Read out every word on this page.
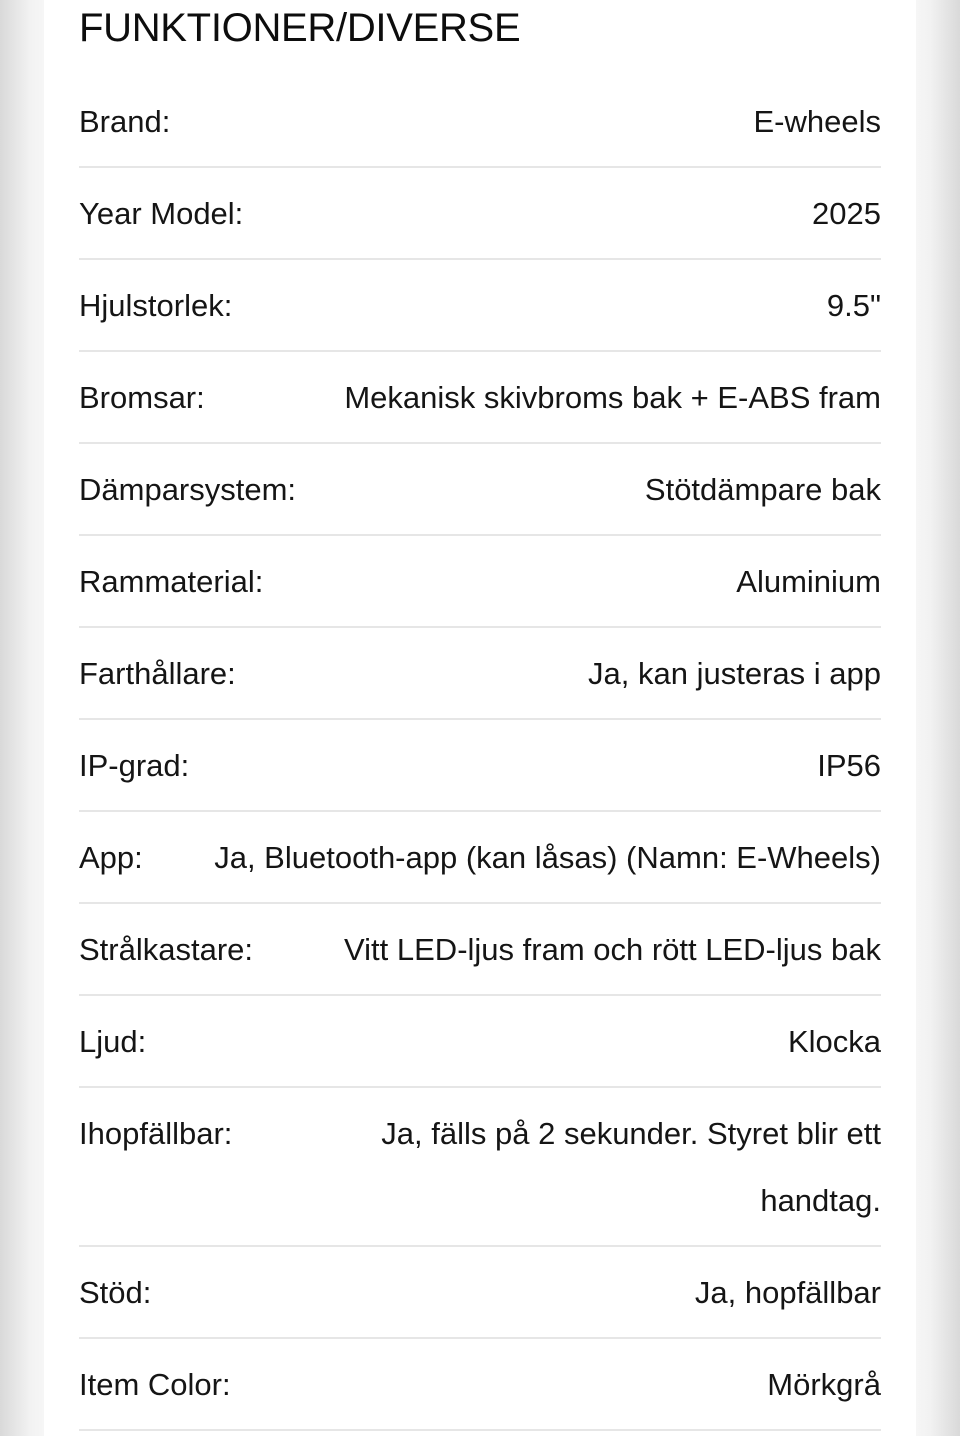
FUNKTIONER/DIVERSE
Brand:	E-wheels
Year Model:	2025
Hjulstorlek:	9.5"
Bromsar:	Mekanisk skivbroms bak + E-ABS fram
Dämparsystem:	Stötdämpare bak
Rammaterial:	Aluminium
Farthållare:	Ja, kan justeras i app
IP-grad:	IP56
App: Ja, Bluetooth-app (kan låsas) (Namn: E-Wheels)
Strålkastare:	Vitt LED-ljus fram och rött LED-ljus bak
Ljud:	Klocka
Ihopfällbar:	Ja, fälls på 2 sekunder. Styret blir ett handtag.
Stöd:	Ja, hopfällbar
Item Color:	Mörkgrå
